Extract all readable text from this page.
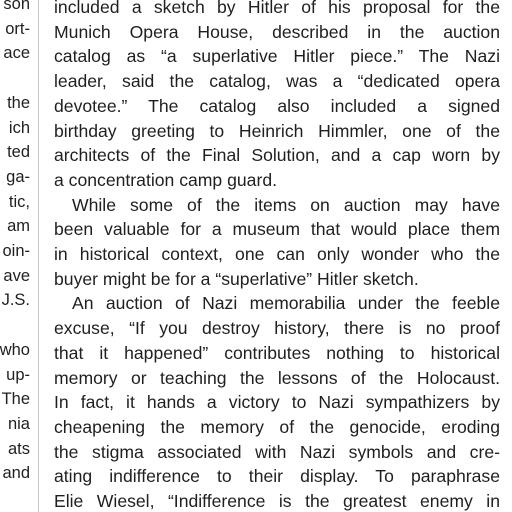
son
ort-
ace
the
ich
ted
ga-
tic,
am
oin-
ave
J.S.
who
up-
The
nia
ats
and
included a sketch by Hitler of his proposal for the
Munich Opera House, described in the auction
catalog as “a superlative Hitler piece.” The Nazi
leader, said the catalog, was a “dedicated opera
devotee.” The catalog also included a signed
birthday greeting to Heinrich Himmler, one of the
architects of the Final Solution, and a cap worn by
a concentration camp guard.
While some of the items on auction may have
been valuable for a museum that would place them
in historical context, one can only wonder who the
buyer might be for a “superlative” Hitler sketch.
An auction of Nazi memorabilia under the feeble
excuse, “If you destroy history, there is no proof
that it happened” contributes nothing to historical
memory or teaching the lessons of the Holocaust.
In fact, it hands a victory to Nazi sympathizers by
cheapening the memory of the genocide, eroding
the stigma associated with Nazi symbols and cre-
ating indifference to their display. To paraphrase
Elie Wiesel, “Indifference is the greatest enemy in
